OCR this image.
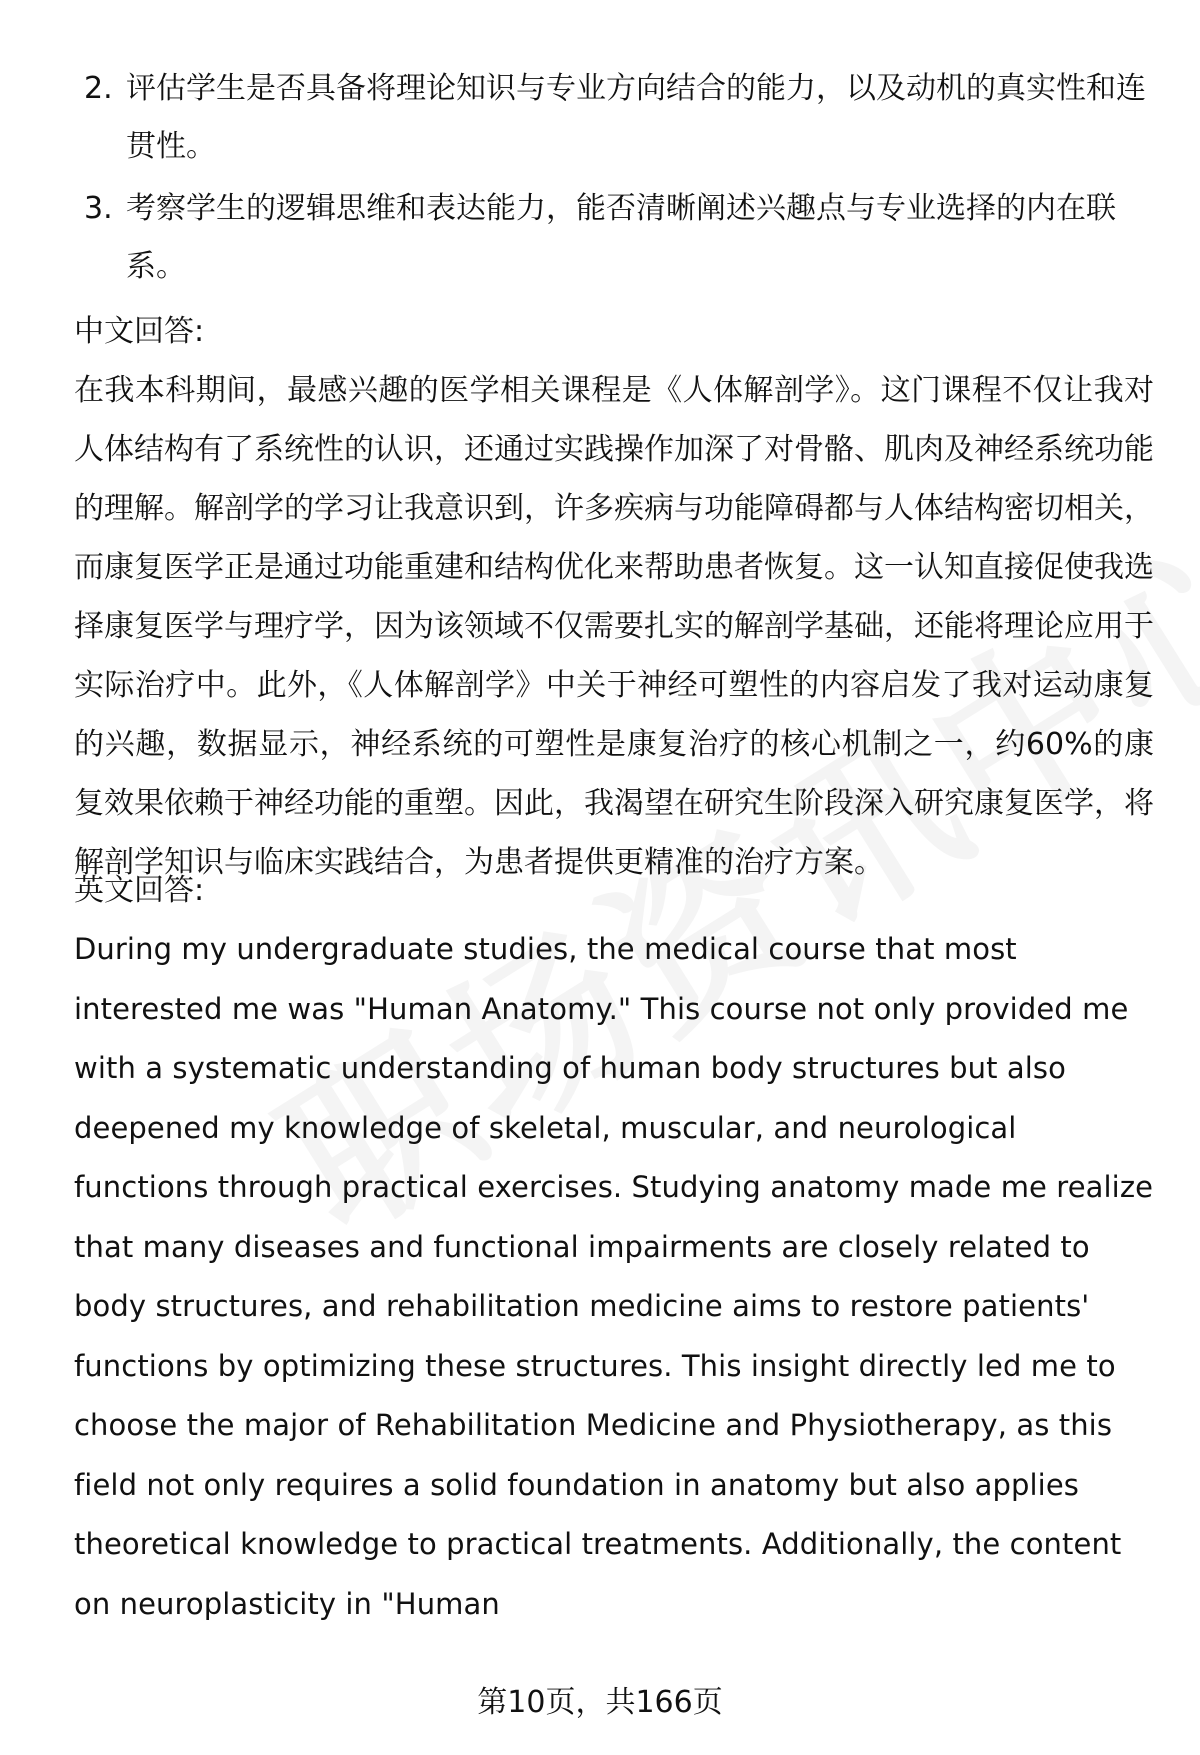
2. 评估学生是否具备将理论知识与专业方向结合的能力，以及动机的真实性和连贯性。
3. 考察学生的逻辑思维和表达能力，能否清晰阐述兴趣点与专业选择的内在联系。

中文回答:

在我本科期间，最感兴趣的医学相关课程是《人体解剖学》。这门课程不仅让我对人体结构有了系统性的认识，还通过实践操作加深了对骨骼、肌肉及神经系统功能的理解。解剖学的学习让我意识到，许多疾病与功能障碍都与人体结构密切相关，而康复医学正是通过功能重建和结构优化来帮助患者恢复。这一认知直接促使我选择康复医学与理疗学，因为该领域不仅需要扎实的解剖学基础，还能将理论应用于实际治疗中。此外，《人体解剖学》中关于神经可塑性的内容启发了我对运动康复的兴趣，数据显示，神经系统的可塑性是康复治疗的核心机制之一，约60%的康复效果依赖于神经功能的重塑。因此，我渴望在研究生阶段深入研究康复医学，将解剖学知识与临床实践结合，为患者提供更精准的治疗方案。

英文回答:

During my undergraduate studies, the medical course that most interested me was "Human Anatomy." This course not only provided me with a systematic understanding of human body structures but also deepened my knowledge of skeletal, muscular, and neurological functions through practical exercises. Studying anatomy made me realize that many diseases and functional impairments are closely related to body structures, and rehabilitation medicine aims to restore patients' functions by optimizing these structures. This insight directly led me to choose the major of Rehabilitation Medicine and Physiotherapy, as this field not only requires a solid foundation in anatomy but also applies theoretical knowledge to practical treatments. Additionally, the content on neuroplasticity in "Human

第10页，共166页
